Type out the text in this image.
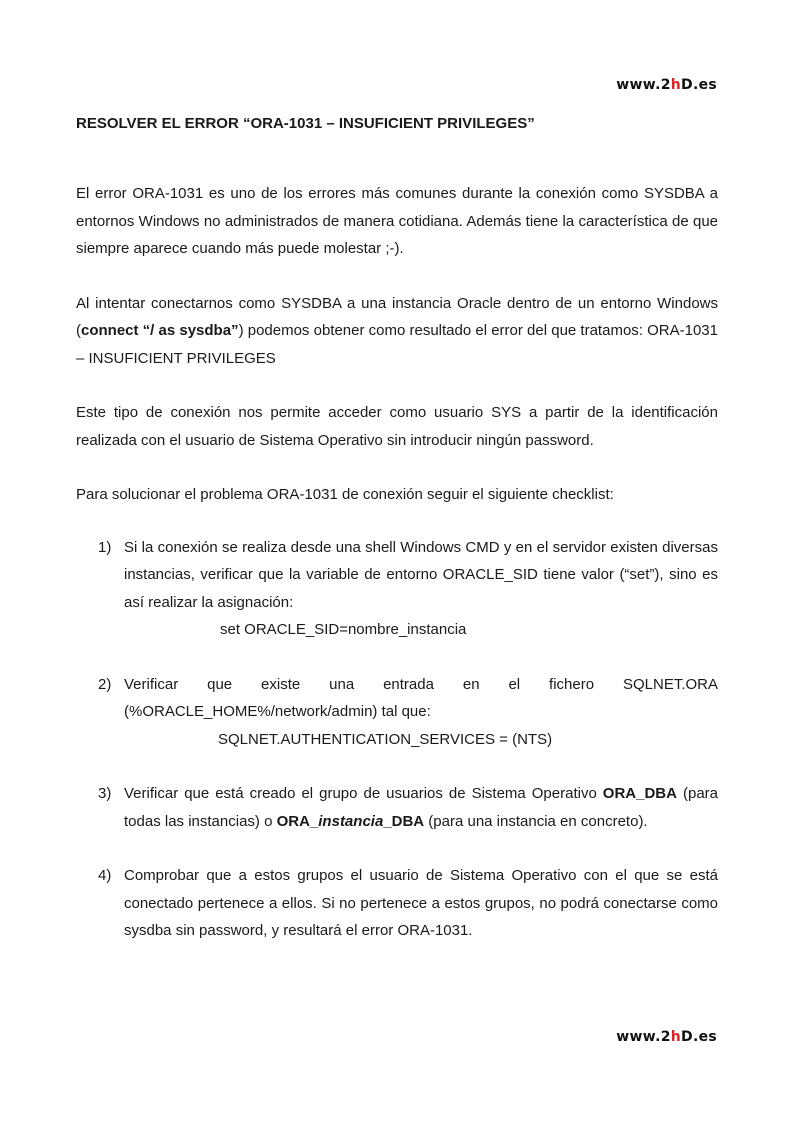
www.2hD.es
RESOLVER EL ERROR “ORA-1031 – INSUFICIENT PRIVILEGES”

El error ORA-1031 es uno de los errores más comunes durante la conexión como SYSDBA a entornos Windows no administrados de manera cotidiana. Además tiene la característica de que siempre aparece cuando más puede molestar ;-).

Al intentar conectarnos como SYSDBA a una instancia Oracle dentro de un entorno Windows (connect “/ as sysdba”) podemos obtener como resultado el error del que tratamos: ORA-1031 – INSUFICIENT PRIVILEGES

Este tipo de conexión nos permite acceder como usuario SYS a partir de la identificación realizada con el usuario de Sistema Operativo sin introducir ningún password.

Para solucionar el problema ORA-1031 de conexión seguir el siguiente checklist:

1) Si la conexión se realiza desde una shell Windows CMD y en el servidor existen diversas instancias, verificar que la variable de entorno ORACLE_SID tiene valor (“set”), sino es así realizar la asignación:

set ORACLE_SID=nombre_instancia

2) Verificar que existe una entrada en el fichero SQLNET.ORA

(%ORACLE_HOME%/network/admin) tal que:

SQLNET.AUTHENTICATION_SERVICES = (NTS)

3) Verificar que está creado el grupo de usuarios de Sistema Operativo ORA_DBA (para todas las instancias) o ORA_instancia_DBA (para una instancia en concreto).

4) Comprobar que a estos grupos el usuario de Sistema Operativo con el que se está conectado pertenece a ellos. Si no pertenece a estos grupos, no podrá conectarse como sysdba sin password, y resultará el error ORA-1031.

www.2hD.es
